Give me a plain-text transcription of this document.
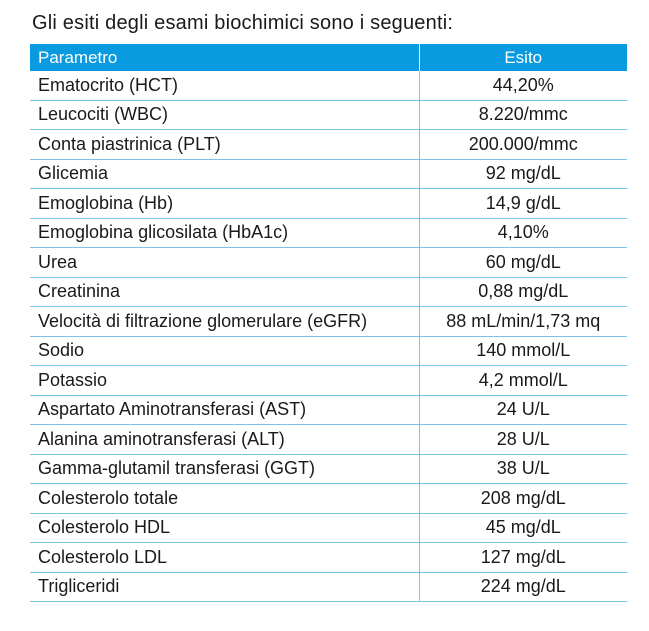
Gli esiti degli esami biochimici sono i seguenti:
Parametro	Esito
Ematocrito (HCT)	44,20%
Leucociti (WBC)	8.220/mmc
Conta piastrinica (PLT)	200.000/mmc
Glicemia	92 mg/dL
Emoglobina (Hb)	14,9 g/dL
Emoglobina glicosilata (HbA1c)	4,10%
Urea	60 mg/dL
Creatinina	0,88 mg/dL
Velocità di filtrazione glomerulare (eGFR)	88 mL/min/1,73 mq
Sodio	140 mmol/L
Potassio	4,2 mmol/L
Aspartato Aminotransferasi (AST)	24 U/L
Alanina aminotransferasi (ALT)	28 U/L
Gamma-glutamil transferasi (GGT)	38 U/L
Colesterolo totale	208 mg/dL
Colesterolo HDL	45 mg/dL
Colesterolo LDL	127 mg/dL
Trigliceridi	224 mg/dL
